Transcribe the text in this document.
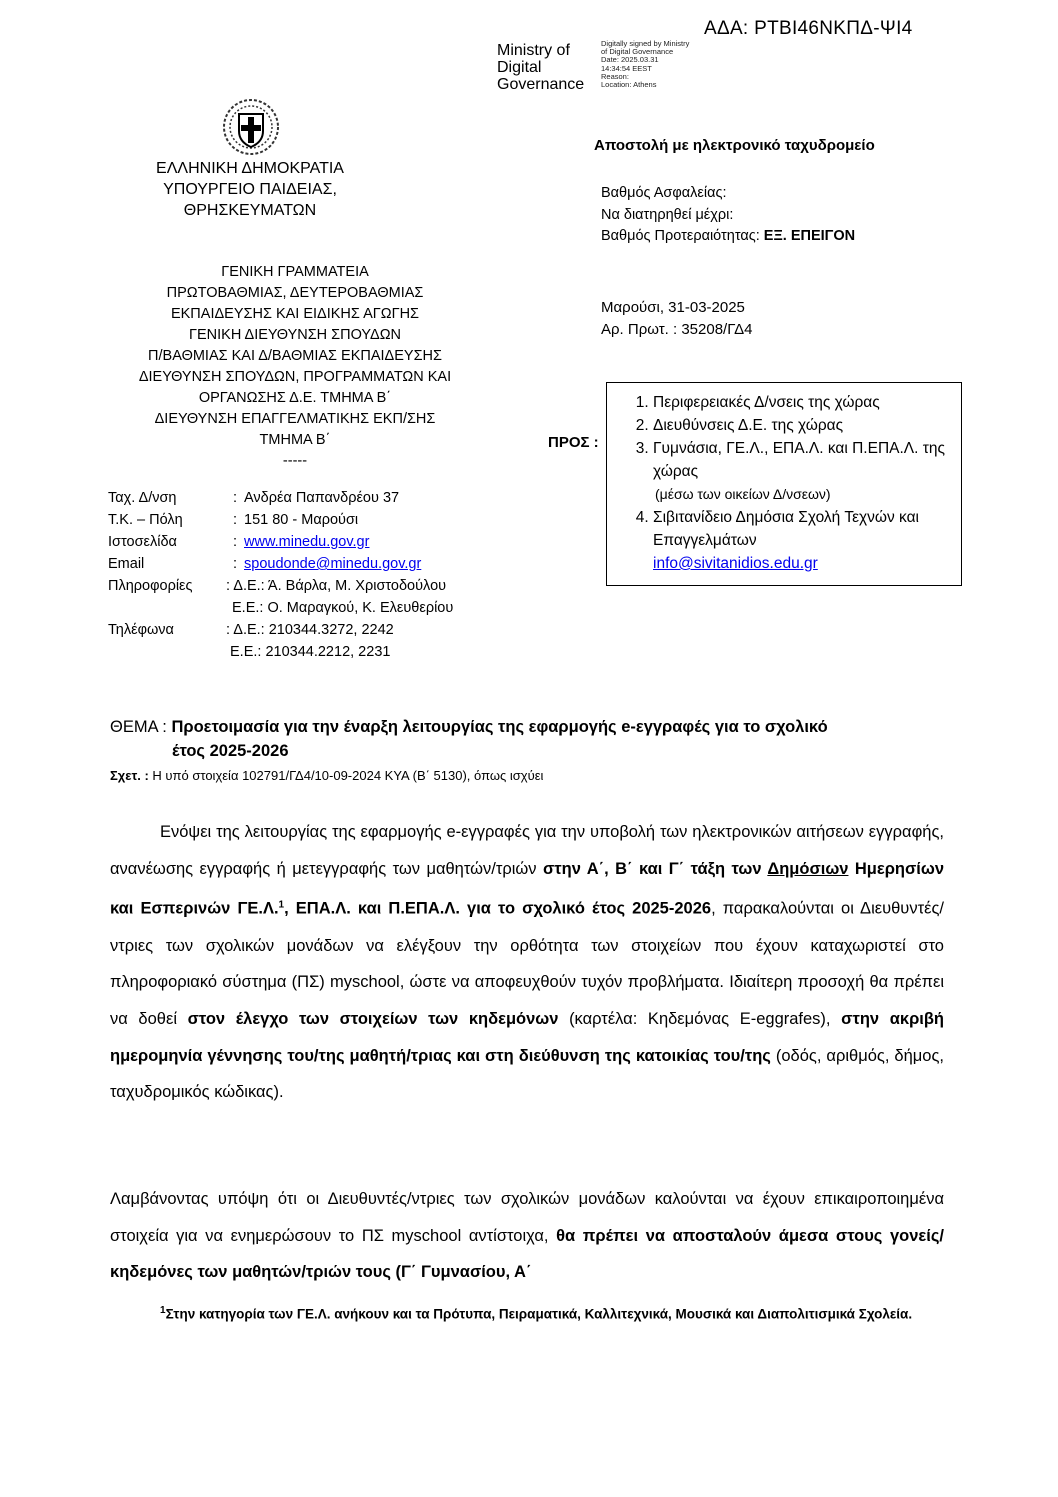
ΑΔΑ: ΡΤΒΙ46ΝΚΠΔ-ΨΙ4
Ministry of
Digital
Governance
Digitally signed by Ministry
of Digital Governance
Date: 2025.03.31
14:34:54 EEST
Reason:
Location: Athens
ΕΛΛΗΝΙΚΗ ΔΗΜΟΚΡΑΤΙΑ
ΥΠΟΥΡΓΕΙΟ ΠΑΙΔΕΙΑΣ,
ΘΡΗΣΚΕΥΜΑΤΩΝ
ΓΕΝΙΚΗ ΓΡΑΜΜΑΤΕΙΑ
ΠΡΩΤΟΒΑΘΜΙΑΣ, ΔΕΥΤΕΡΟΒΑΘΜΙΑΣ
ΕΚΠΑΙΔΕΥΣΗΣ ΚΑΙ ΕΙΔΙΚΗΣ ΑΓΩΓΗΣ
ΓΕΝΙΚΗ ΔΙΕΥΘΥΝΣΗ ΣΠΟΥΔΩΝ
Π/ΒΑΘΜΙΑΣ ΚΑΙ Δ/ΒΑΘΜΙΑΣ ΕΚΠΑΙΔΕΥΣΗΣ
ΔΙΕΥΘΥΝΣΗ ΣΠΟΥΔΩΝ, ΠΡΟΓΡΑΜΜΑΤΩΝ ΚΑΙ
ΟΡΓΑΝΩΣΗΣ Δ.Ε. ΤΜΗΜΑ Β΄
ΔΙΕΥΘΥΝΣΗ ΕΠΑΓΓΕΛΜΑΤΙΚΗΣ ΕΚΠ/ΣΗΣ
ΤΜΗΜΑ Β΄
-----
Ταχ. Δ/νση	: Ανδρέα Παπανδρέου 37
Τ.Κ. – Πόλη	: 151 80 - Μαρούσι
Ιστοσελίδα	: www.minedu.gov.gr
Email	: spoudonde@minedu.gov.gr
Πληροφορίες	: Δ.Ε.: Ά. Βάρλα, Μ. Χριστοδούλου
Ε.Ε.: Ο. Μαραγκού, Κ. Ελευθερίου
Τηλέφωνα	: Δ.Ε.: 210344.3272, 2242
Ε.Ε.: 210344.2212, 2231
Αποστολή με ηλεκτρονικό ταχυδρομείο
Βαθμός Ασφαλείας:
Να διατηρηθεί μέχρι:
Βαθμός Προτεραιότητας: ΕΞ. ΕΠΕΙΓΟΝ
Μαρούσι, 31-03-2025
Αρ. Πρωτ. : 35208/ΓΔ4
ΠΡΟΣ :
1. Περιφερειακές Δ/νσεις της χώρας
2. Διευθύνσεις Δ.Ε. της χώρας
3. Γυμνάσια, ΓΕ.Λ., ΕΠΑ.Λ. και Π.ΕΠΑ.Λ. της χώρας
(μέσω των οικείων Δ/νσεων)
4. Σιβιτανίδειο Δημόσια Σχολή Τεχνών και Επαγγελμάτων
info@sivitanidios.edu.gr
ΘΕΜΑ : Προετοιμασία για την έναρξη λειτουργίας της εφαρμογής e-εγγραφές για το σχολικό
έτος 2025-2026
Σχετ. : Η υπό στοιχεία 102791/ΓΔ4/10-09-2024 ΚΥΑ (Β΄ 5130), όπως ισχύει
Ενόψει της λειτουργίας της εφαρμογής e-εγγραφές για την υποβολή των ηλεκτρονικών αιτήσεων εγγραφής, ανανέωσης εγγραφής ή μετεγγραφής των μαθητών/τριών στην Α΄, Β΄ και Γ΄ τάξη των Δημόσιων Ημερησίων και Εσπερινών ΓΕ.Λ.$^1$, ΕΠΑ.Λ. και Π.ΕΠΑ.Λ. για το σχολικό έτος 2025-2026, παρακαλούνται οι Διευθυντές/ντριες των σχολικών μονάδων να ελέγξουν την ορθότητα των στοιχείων που έχουν καταχωριστεί στο πληροφοριακό σύστημα (ΠΣ) myschool, ώστε να αποφευχθούν τυχόν προβλήματα. Ιδιαίτερη προσοχή θα πρέπει να δοθεί στον έλεγχο των στοιχείων των κηδεμόνων (καρτέλα: Κηδεμόνας E-eggrafes), στην ακριβή ημερομηνία γέννησης του/της μαθητή/τριας και στη διεύθυνση της κατοικίας του/της (οδός, αριθμός, δήμος, ταχυδρομικός κώδικας).
Λαμβάνοντας υπόψη ότι οι Διευθυντές/ντριες των σχολικών μονάδων καλούνται να έχουν επικαιροποιημένα στοιχεία για να ενημερώσουν το ΠΣ myschool αντίστοιχα, θα πρέπει να αποσταλούν άμεσα στους γονείς/κηδεμόνες των μαθητών/τριών τους (Γ΄ Γυμνασίου, Α΄
$^1$Στην κατηγορία των ΓΕ.Λ. ανήκουν και τα Πρότυπα, Πειραματικά, Καλλιτεχνικά, Μουσικά και Διαπολιτισμικά Σχολεία.
